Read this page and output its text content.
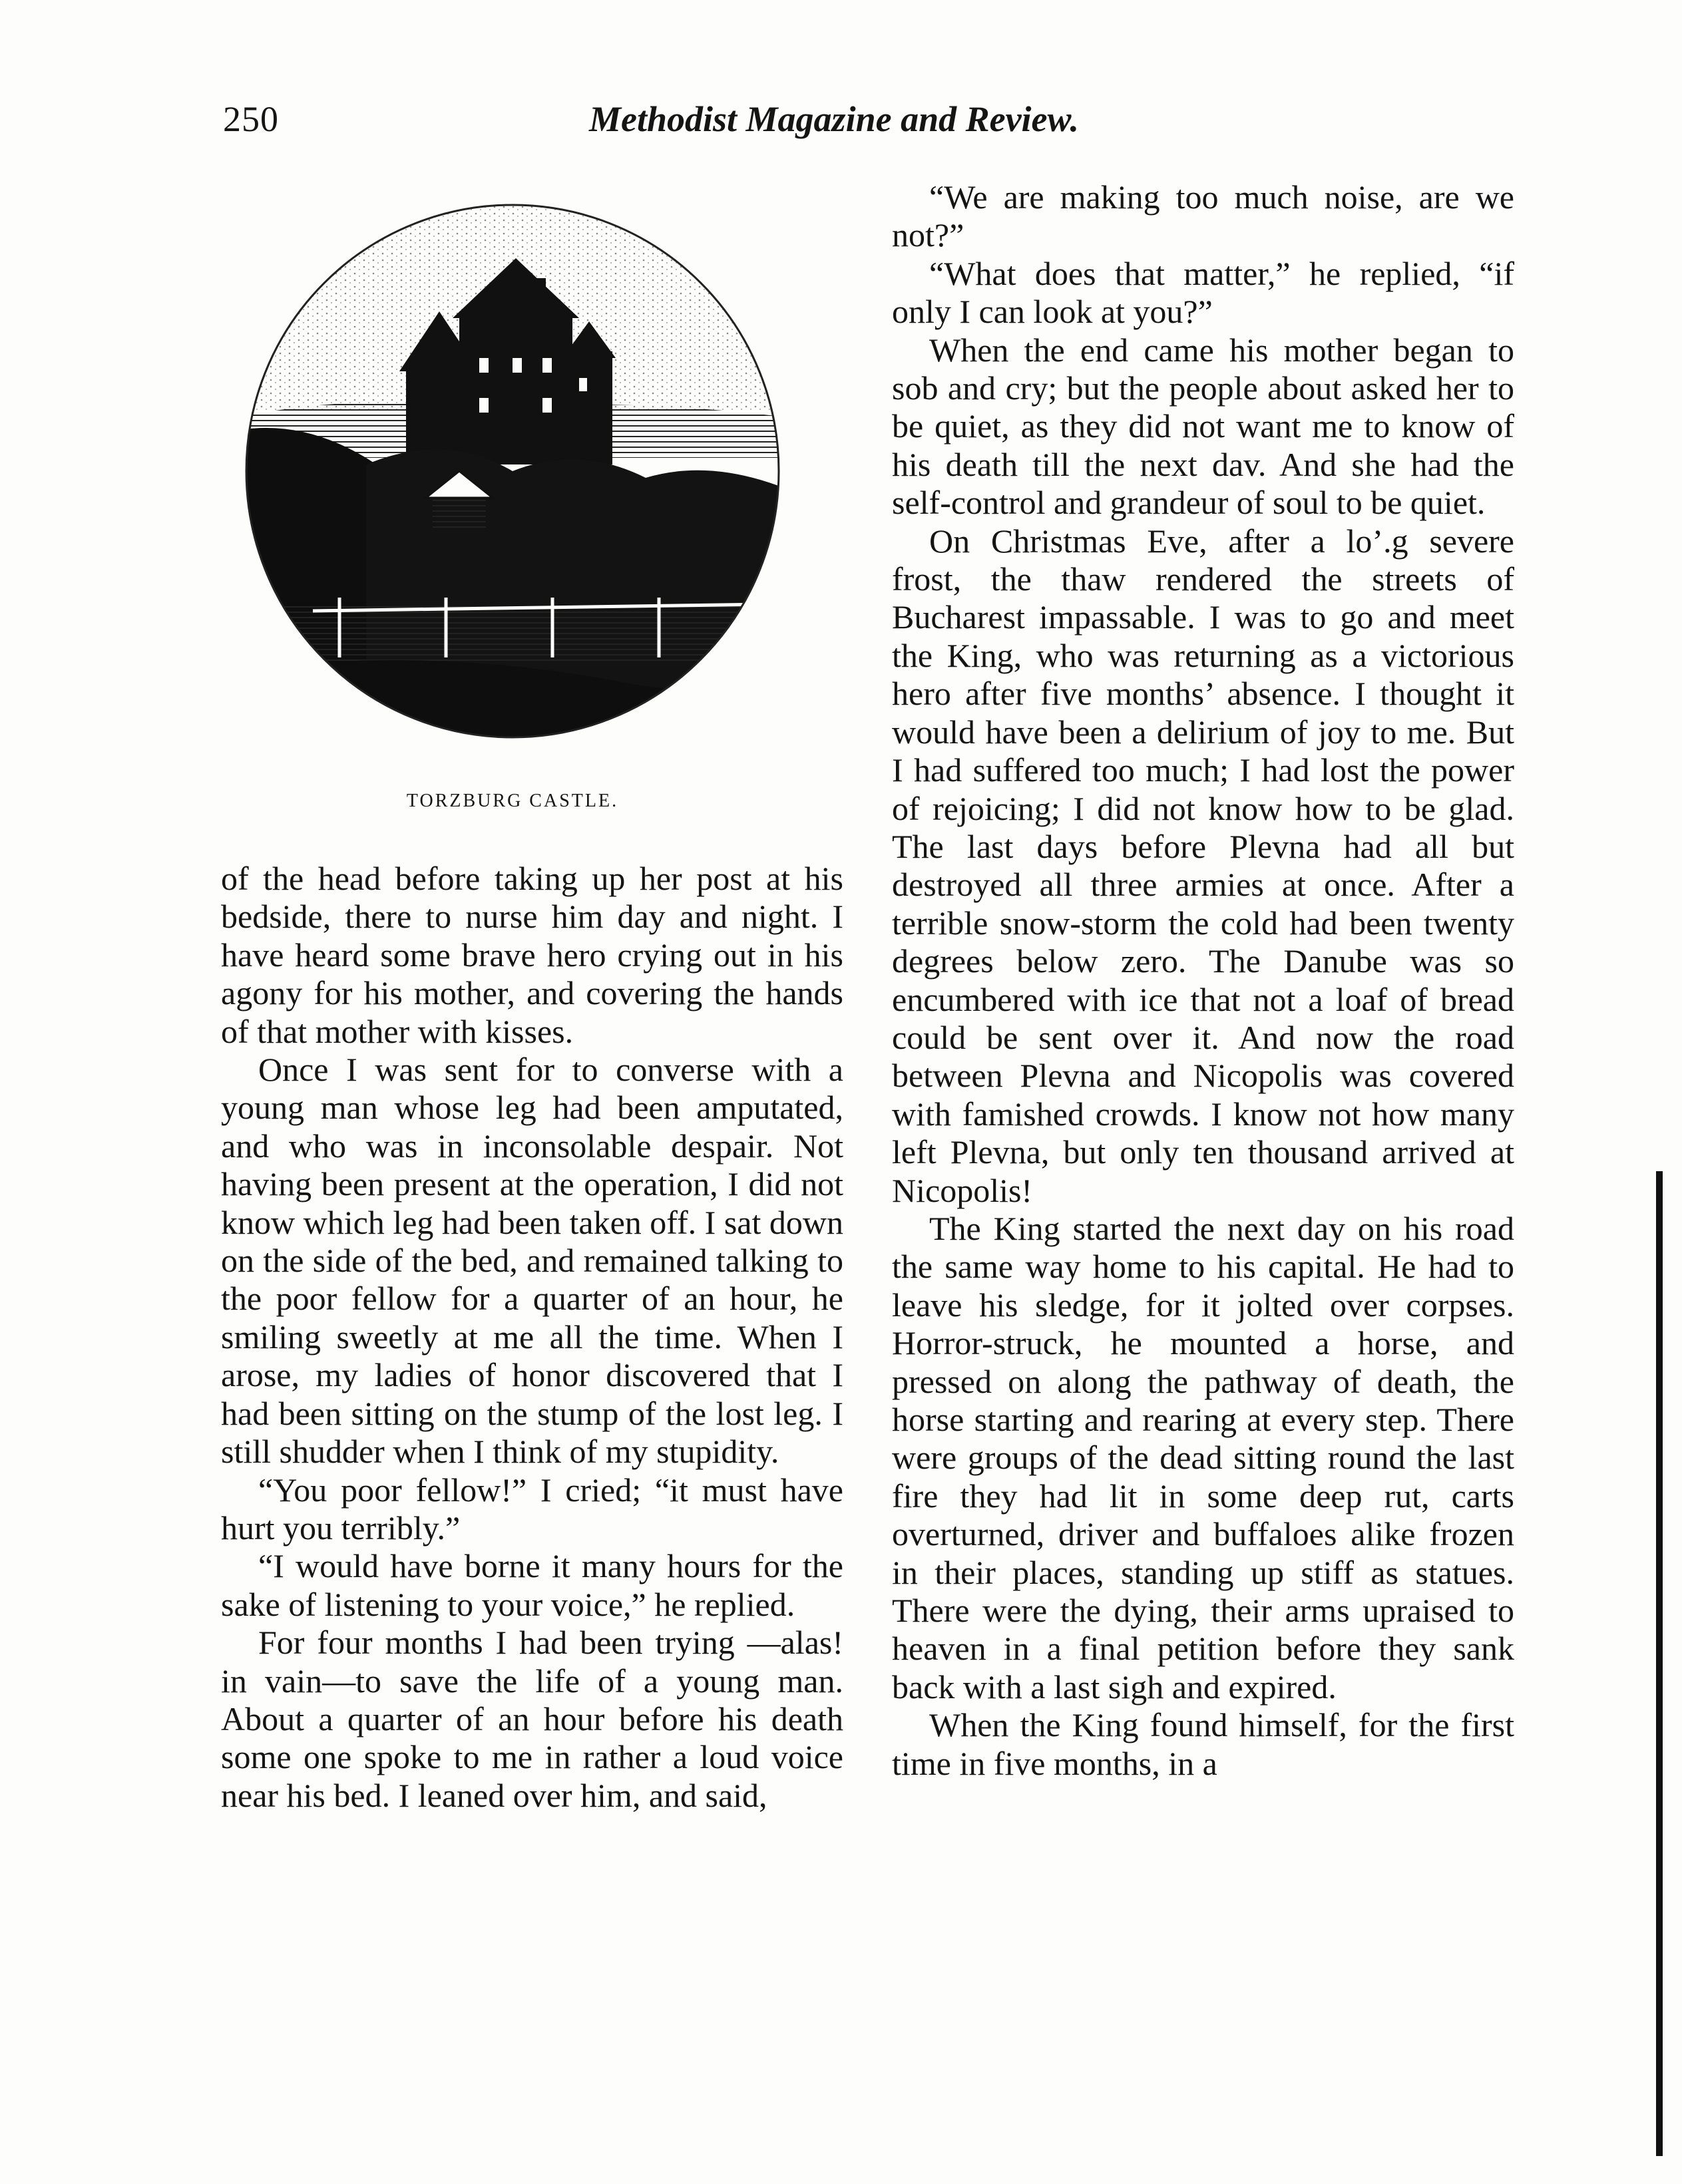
250	Methodist Magazine and Review.
TORZBURG CASTLE.

of the head before taking up her post at his bedside, there to nurse him day and night. I have heard some brave hero crying out in his agony for his mother, and covering the hands of that mother with kisses.

Once I was sent for to converse with a young man whose leg had been amputated, and who was in inconsolable despair. Not having been present at the operation, I did not know which leg had been taken off. I sat down on the side of the bed, and remained talking to the poor fellow for a quarter of an hour, he smiling sweetly at me all the time. When I arose, my ladies of honor discovered that I had been sitting on the stump of the lost leg. I still shudder when I think of my stupidity.

“You poor fellow!” I cried; “it must have hurt you terribly.”

“I would have borne it many hours for the sake of listening to your voice,” he replied.

For four months I had been trying —alas! in vain—to save the life of a young man. About a quarter of an hour before his death some one spoke to me in rather a loud voice near his bed. I leaned over him, and said,

“We are making too much noise, are we not?”

“What does that matter,” he replied, “if only I can look at you?”

When the end came his mother began to sob and cry; but the people about asked her to be quiet, as they did not want me to know of his death till the next dav. And she had the self-control and grandeur of soul to be quiet.

On Christmas Eve, after a lo’.g severe frost, the thaw rendered the streets of Bucharest impassable. I was to go and meet the King, who was returning as a victorious hero after five months’ absence. I thought it would have been a delirium of joy to me. But I had suffered too much; I had lost the power of rejoicing; I did not know how to be glad. The last days before Plevna had all but destroyed all three armies at once. After a terrible snow-storm the cold had been twenty degrees below zero. The Danube was so encumbered with ice that not a loaf of bread could be sent over it. And now the road between Plevna and Nicopolis was covered with famished crowds. I know not how many left Plevna, but only ten thousand arrived at Nicopolis!

The King started the next day on his road the same way home to his capital. He had to leave his sledge, for it jolted over corpses. Horror-struck, he mounted a horse, and pressed on along the pathway of death, the horse starting and rearing at every step. There were groups of the dead sitting round the last fire they had lit in some deep rut, carts overturned, driver and buffaloes alike frozen in their places, standing up stiff as statues. There were the dying, their arms upraised to heaven in a final petition before they sank back with a last sigh and expired.

When the King found himself, for the first time in five months, in a
